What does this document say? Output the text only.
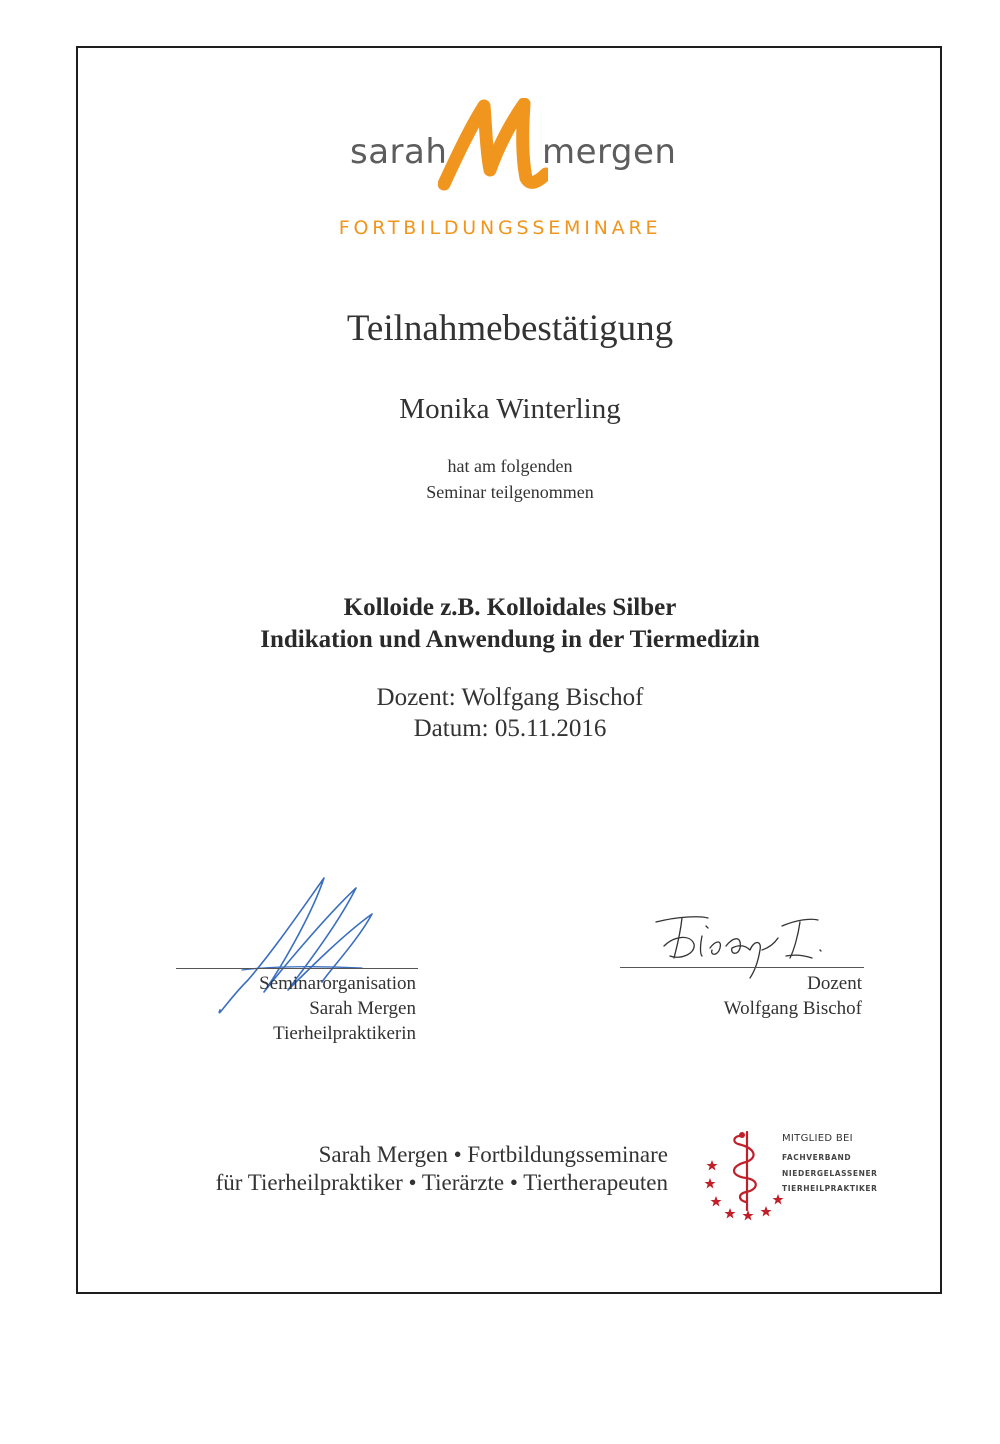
sarah	mergen
FORTBILDUNGSSEMINARE
Teilnahmebestätigung
Monika Winterling
hat am folgenden
Seminar teilgenommen
Kolloide z.B. Kolloidales Silber
Indikation und Anwendung in der Tiermedizin
Dozent: Wolfgang Bischof
Datum: 05.11.2016
Seminarorganisation
Sarah Mergen
Tierheilpraktikerin
Dozent
Wolfgang Bischof
Sarah Mergen • Fortbildungsseminare
für Tierheilpraktiker • Tierärzte • Tiertherapeuten
MITGLIED BEI
FACHVERBAND
NIEDERGELASSENER
TIERHEILPRAKTIKER
